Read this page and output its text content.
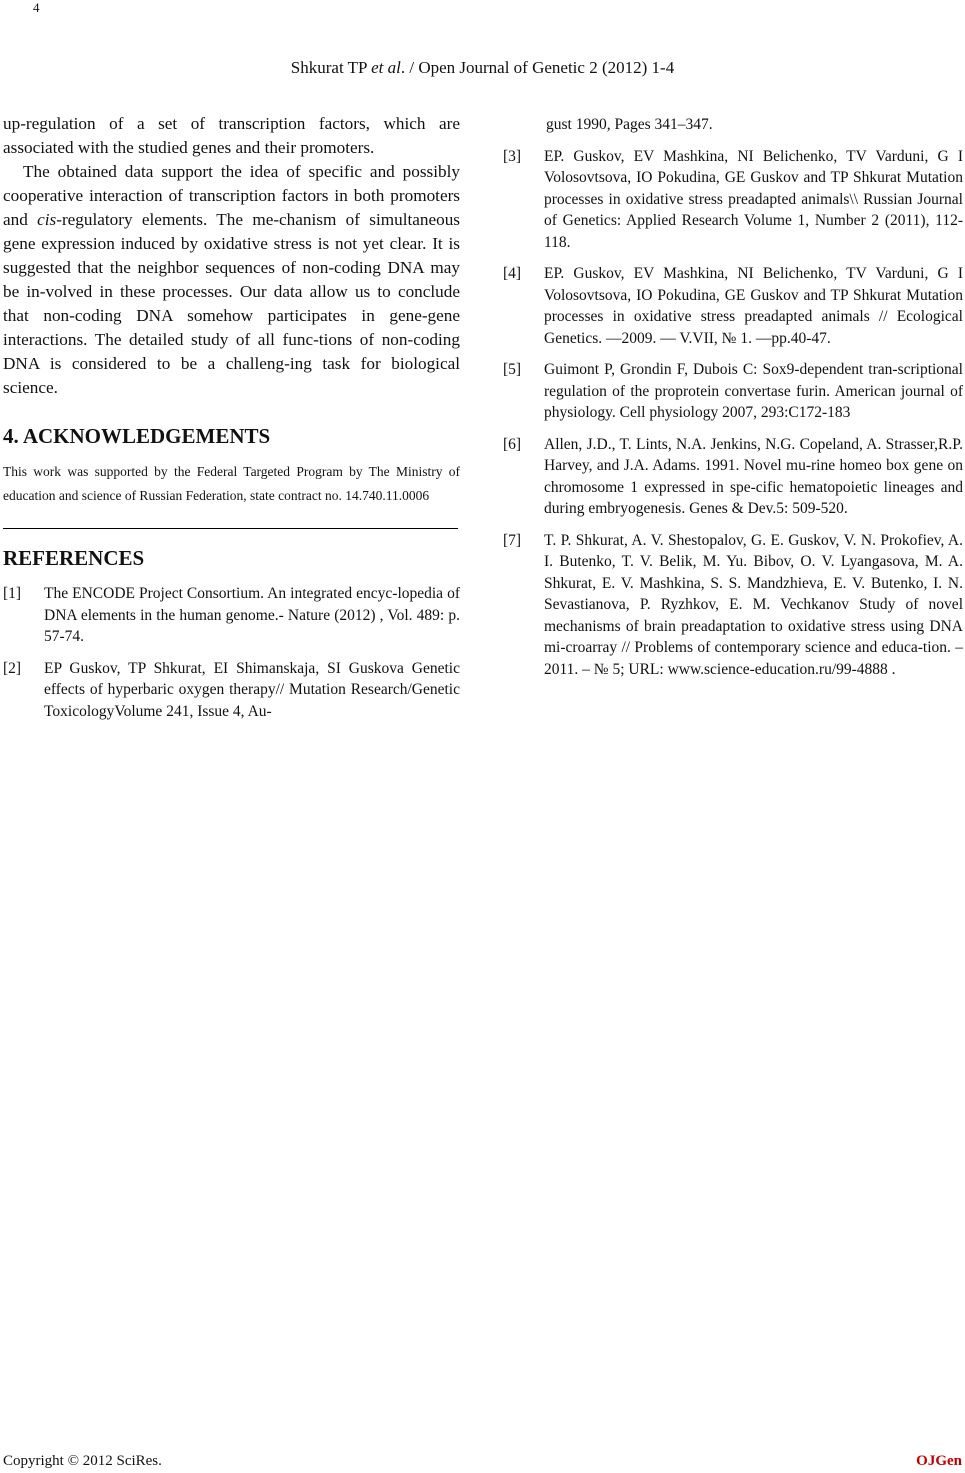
4
Shkurat TP et al. / Open Journal of Genetic 2 (2012) 1-4

up-regulation of a set of transcription factors, which are associated with the studied genes and their promoters.

The obtained data support the idea of specific and possibly cooperative interaction of transcription factors in both promoters and cis-regulatory elements. The me-chanism of simultaneous gene expression induced by oxidative stress is not yet clear. It is suggested that the neighbor sequences of non-coding DNA may be in-volved in these processes. Our data allow us to conclude that non-coding DNA somehow participates in gene-gene interactions. The detailed study of all func-tions of non-coding DNA is considered to be a challeng-ing task for biological science.

4. ACKNOWLEDGEMENTS

This work was supported by the Federal Targeted Program by The Ministry of education and science of Russian Federation, state contract no. 14.740.11.0006

REFERENCES
[1] The ENCODE Project Consortium. An integrated encyc-lopedia of DNA elements in the human genome.- Nature (2012) , Vol. 489: p. 57-74.
[2] EP Guskov, TP Shkurat, EI Shimanskaja, SI Guskova Genetic effects of hyperbaric oxygen therapy// Mutation Research/Genetic ToxicologyVolume 241, Issue 4, Au-

gust 1990, Pages 341–347.

[3] EP. Guskov, EV Mashkina, NI Belichenko, TV Varduni, G I Volosovtsova, IO Pokudina, GE Guskov and TP Shkurat Mutation processes in oxidative stress preadapted animals\\ Russian Journal of Genetics: Applied Research Volume 1, Number 2 (2011), 112-118.
[4] EP. Guskov, EV Mashkina, NI Belichenko, TV Varduni, G I Volosovtsova, IO Pokudina, GE Guskov and TP Shkurat Mutation processes in oxidative stress preadapted animals // Ecological Genetics. —2009. — V.VII, № 1. —pp.40-47.
[5] Guimont P, Grondin F, Dubois C: Sox9-dependent tran-scriptional regulation of the proprotein convertase furin. American journal of physiology. Cell physiology 2007, 293:C172-183
[6] Allen, J.D., T. Lints, N.A. Jenkins, N.G. Copeland, A. Strasser,R.P. Harvey, and J.A. Adams. 1991. Novel mu-rine homeo box gene on chromosome 1 expressed in spe-cific hematopoietic lineages and during embryogenesis. Genes & Dev.5: 509-520.
[7] T. P. Shkurat, A. V. Shestopalov, G. E. Guskov, V. N. Prokofiev, A. I. Butenko, T. V. Belik, M. Yu. Bibov, O. V. Lyangasova, M. A. Shkurat, E. V. Mashkina, S. S. Mandzhieva, E. V. Butenko, I. N. Sevastianova, P. Ryzhkov, E. M. Vechkanov Study of novel mechanisms of brain preadaptation to oxidative stress using DNA mi-croarray // Problems of contemporary science and educa-tion. – 2011. – № 5; URL: www.science-education.ru/99-4888 .
Copyright © 2012 SciRes.	OJGen
